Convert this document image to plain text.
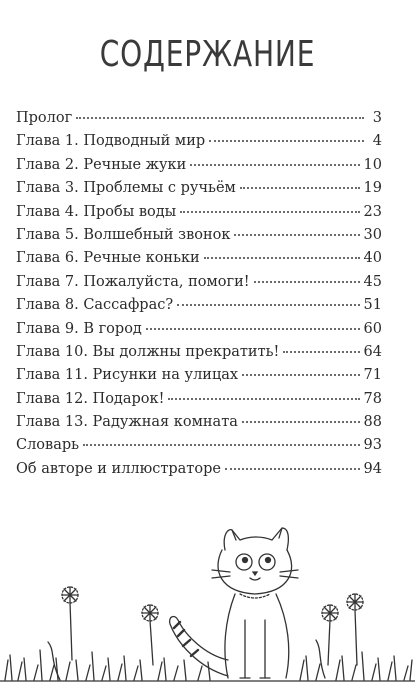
СОДЕРЖАНИЕ
Пролог	3
Глава 1. Подводный мир	4
Глава 2. Речные жуки	10
Глава 3. Проблемы с ручьём	19
Глава 4. Пробы воды	23
Глава 5. Волшебный звонок	30
Глава 6. Речные коньки	40
Глава 7. Пожалуйста, помоги!	45
Глава 8. Сассафрас?	51
Глава 9. В город	60
Глава 10. Вы должны прекратить!	64
Глава 11. Рисунки на улицах	71
Глава 12. Подарок!	78
Глава 13. Радужная комната	88
Словарь	93
Об авторе и иллюстраторе	94
